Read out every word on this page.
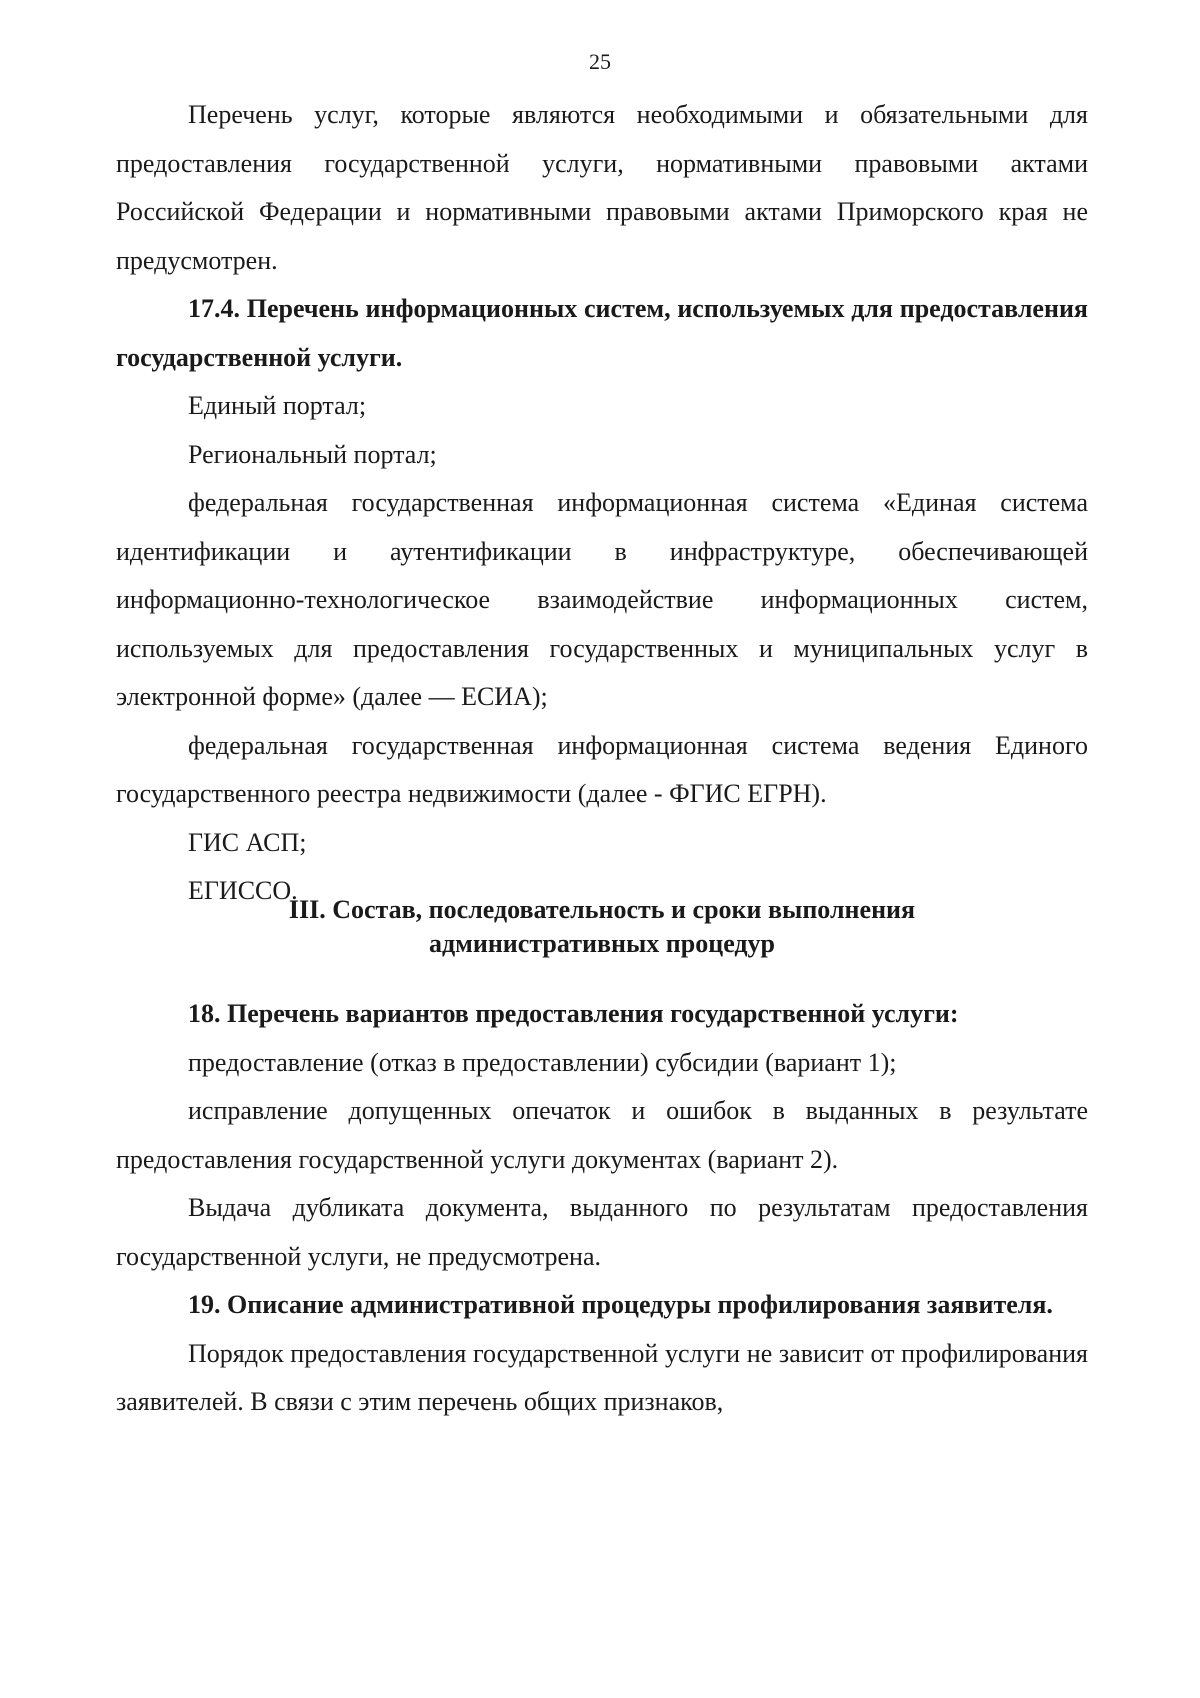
25

Перечень услуг, которые являются необходимыми и обязательными для предоставления государственной услуги, нормативными правовыми актами Российской Федерации и нормативными правовыми актами Приморского края не предусмотрен.

17.4. Перечень информационных систем, используемых для предоставления государственной услуги.

Единый портал;

Региональный портал;

федеральная государственная информационная система «Единая система идентификации и аутентификации в инфраструктуре, обеспечивающей информационно-технологическое взаимодействие информационных систем, используемых для предоставления государственных и муниципальных услуг в электронной форме» (далее — ЕСИА);

федеральная государственная информационная система ведения Единого государственного реестра недвижимости (далее - ФГИС ЕГРН).

ГИС АСП;

ЕГИССО.

III. Состав, последовательность и сроки выполнения
административных процедур

18. Перечень вариантов предоставления государственной услуги:

предоставление (отказ в предоставлении) субсидии (вариант 1);

исправление допущенных опечаток и ошибок в выданных в результате предоставления государственной услуги документах (вариант 2).

Выдача дубликата документа, выданного по результатам предоставления государственной услуги, не предусмотрена.

19. Описание административной процедуры профилирования заявителя.

Порядок предоставления государственной услуги не зависит от профилирования заявителей. В связи с этим перечень общих признаков,
